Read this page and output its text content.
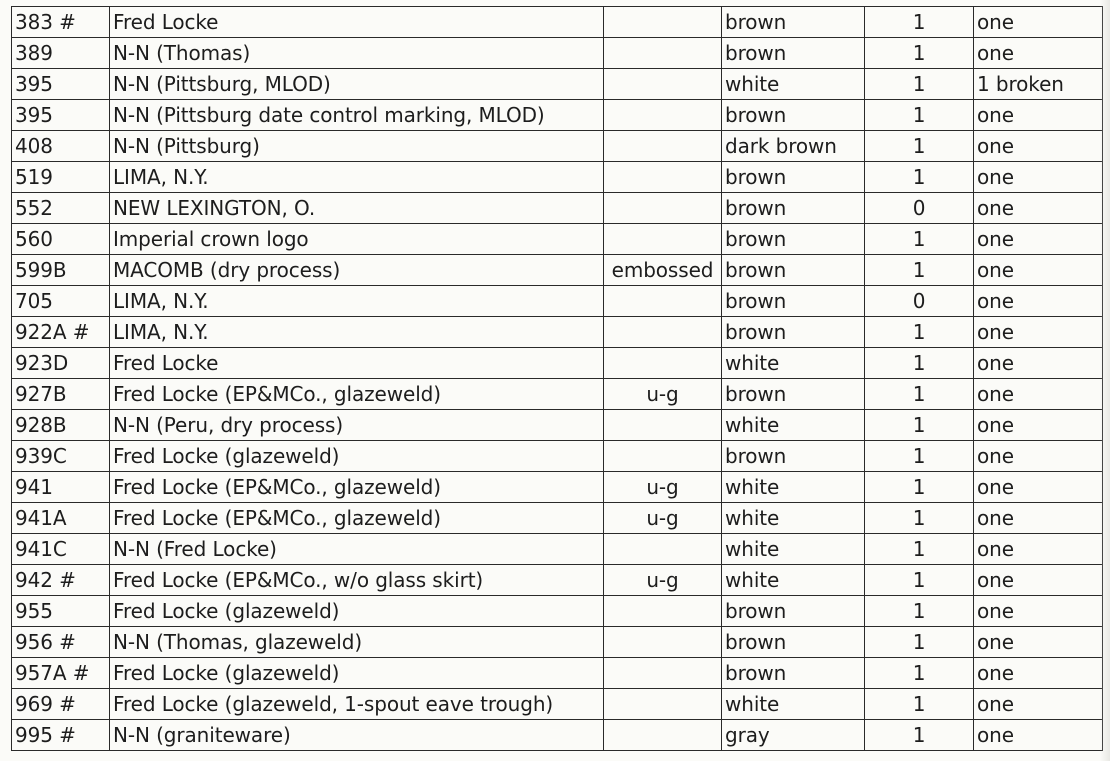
383 #	Fred Locke		brown	1	one
389	N-N (Thomas)		brown	1	one
395	N-N (Pittsburg, MLOD)		white	1	1 broken
395	N-N (Pittsburg date control marking, MLOD)		brown	1	one
408	N-N (Pittsburg)		dark brown	1	one
519	LIMA, N.Y.		brown	1	one
552	NEW LEXINGTON, O.		brown	0	one
560	Imperial crown logo		brown	1	one
599B	MACOMB (dry process)	embossed	brown	1	one
705	LIMA, N.Y.		brown	0	one
922A #	LIMA, N.Y.		brown	1	one
923D	Fred Locke		white	1	one
927B	Fred Locke (EP&MCo., glazeweld)	u-g	brown	1	one
928B	N-N (Peru, dry process)		white	1	one
939C	Fred Locke (glazeweld)		brown	1	one
941	Fred Locke (EP&MCo., glazeweld)	u-g	white	1	one
941A	Fred Locke (EP&MCo., glazeweld)	u-g	white	1	one
941C	N-N (Fred Locke)		white	1	one
942 #	Fred Locke (EP&MCo., w/o glass skirt)	u-g	white	1	one
955	Fred Locke (glazeweld)		brown	1	one
956 #	N-N (Thomas, glazeweld)		brown	1	one
957A #	Fred Locke (glazeweld)		brown	1	one
969 #	Fred Locke (glazeweld, 1-spout eave trough)		white	1	one
995 #	N-N (graniteware)		gray	1	one
